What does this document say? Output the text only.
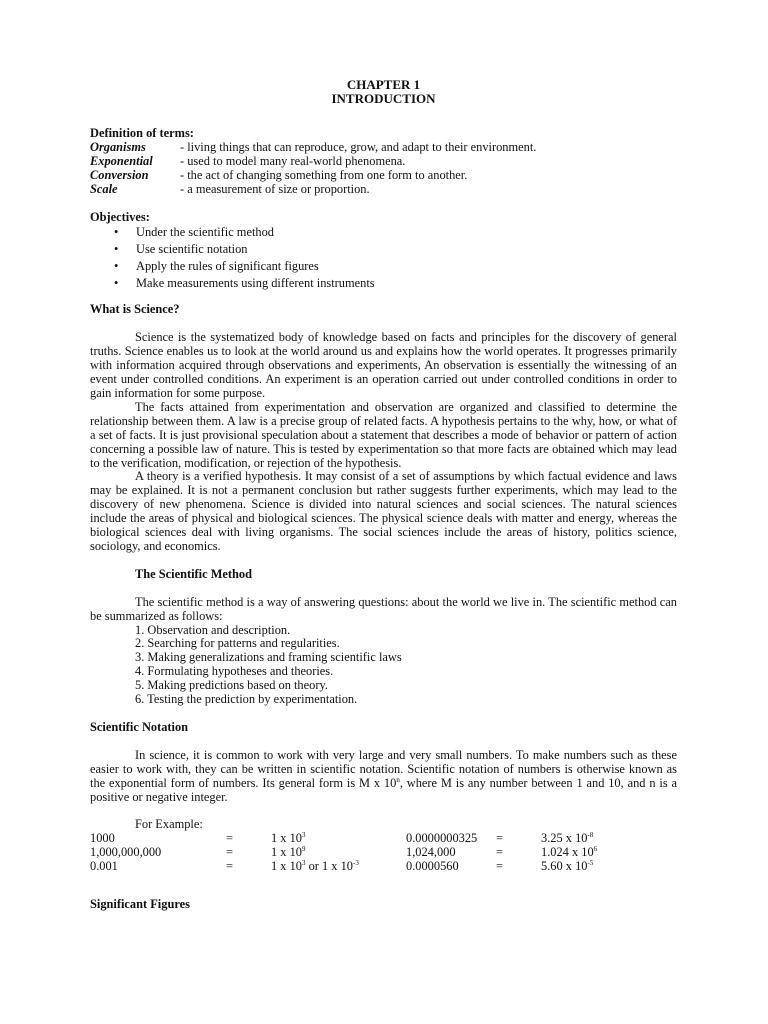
CHAPTER 1
INTRODUCTION
Definition of terms:
Organisms	- living things that can reproduce, grow, and adapt to their environment.
Exponential	- used to model many real-world phenomena.
Conversion	- the act of changing something from one form to another.
Scale	- a measurement of size or proportion.
Objectives:
• Under the scientific method
• Use scientific notation
• Apply the rules of significant figures
• Make measurements using different instruments
What is Science?

Science is the systematized body of knowledge based on facts and principles for the discovery of general truths. Science enables us to look at the world around us and explains how the world operates. It progresses primarily with information acquired through observations and experiments, An observation is essentially the witnessing of an event under controlled conditions. An experiment is an operation carried out under controlled conditions in order to gain information for some purpose.

The facts attained from experimentation and observation are organized and classified to determine the relationship between them. A law is a precise group of related facts. A hypothesis pertains to the why, how, or what of a set of facts. It is just provisional speculation about a statement that describes a mode of behavior or pattern of action concerning a possible law of nature. This is tested by experimentation so that more facts are obtained which may lead to the verification, modification, or rejection of the hypothesis.

A theory is a verified hypothesis. It may consist of a set of assumptions by which factual evidence and laws may be explained. It is not a permanent conclusion but rather suggests further experiments, which may lead to the discovery of new phenomena. Science is divided into natural sciences and social sciences. The natural sciences include the areas of physical and biological sciences. The physical science deals with matter and energy, whereas the biological sciences deal with living organisms. The social sciences include the areas of history, politics science, sociology, and economics.

The Scientific Method

The scientific method is a way of answering questions: about the world we live in. The scientific method can be summarized as follows:

1. Observation and description.
2. Searching for patterns and regularities.
3. Making generalizations and framing scientific laws
4. Formulating hypotheses and theories.
5. Making predictions based on theory.
6. Testing the prediction by experimentation.
Scientific Notation

In science, it is common to work with very large and very small numbers. To make numbers such as these easier to work with, they can be written in scientific notation. Scientific notation of numbers is otherwise known as the exponential form of numbers. Its general form is M x 10$^n$, where M is any number between 1 and 10, and n is a positive or negative integer.

For Example:
1000	=	1 x $10^3$	0.0000000325	=	3.25 x $10^{-8}$
1,000,000,000	=	1 x $10^9$	1,024,000	=	1.024 x $10^6$
0.001	=	1 x $10^3$ or 1 x $10^{-3}$	0.0000560	=	5.60 x $10^{-5}$
Significant Figures
